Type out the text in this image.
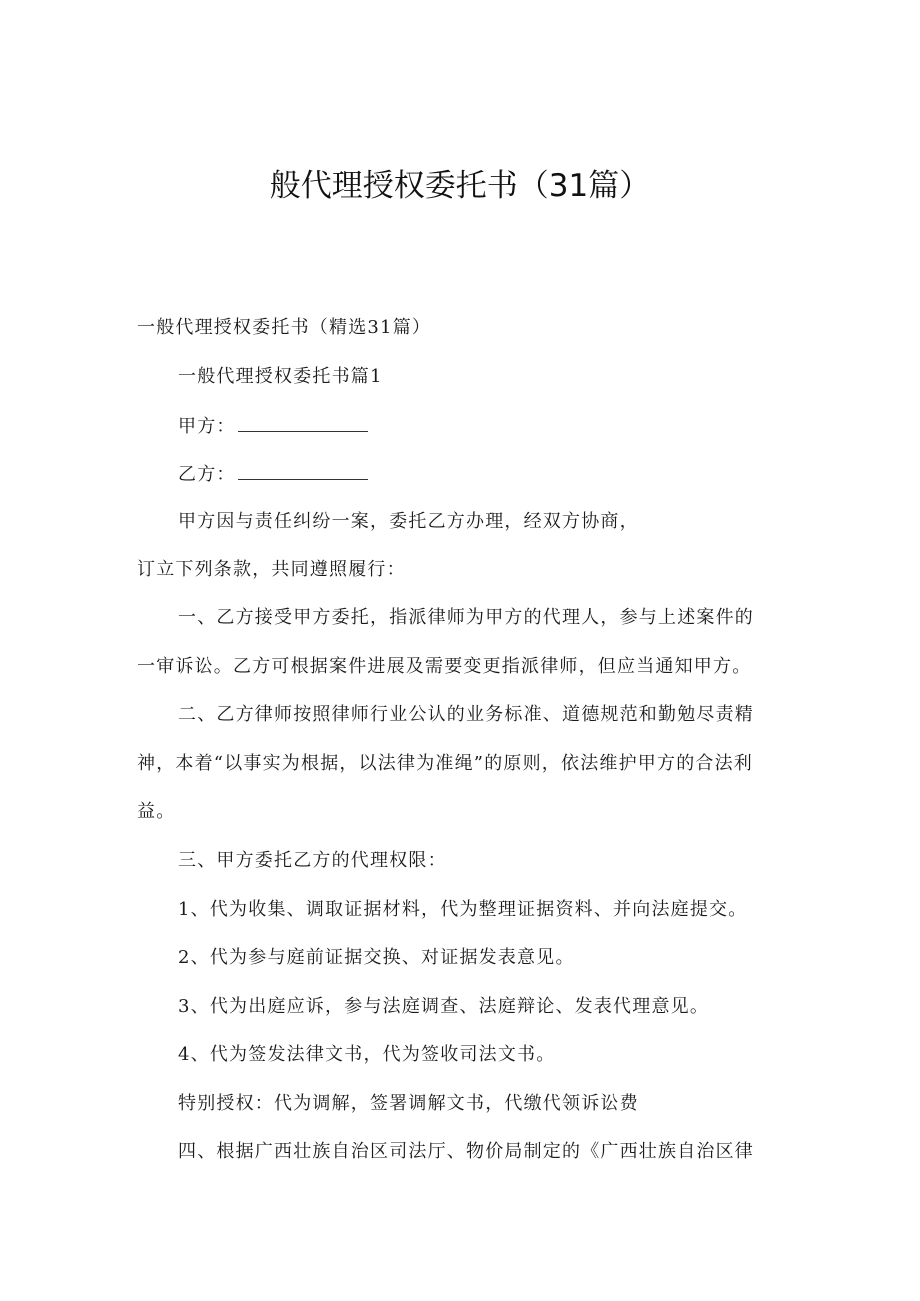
般代理授权委托书（31篇）
一般代理授权委托书（精选31篇）
一般代理授权委托书篇1
甲方：
乙方：
甲方因与责任纠纷一案，委托乙方办理，经双方协商，
订立下列条款，共同遵照履行：
一、乙方接受甲方委托，指派律师为甲方的代理人，参与上述案件的
一审诉讼。乙方可根据案件进展及需要变更指派律师，但应当通知甲方。
二、乙方律师按照律师行业公认的业务标准、道德规范和勤勉尽责精
神，本着“以事实为根据，以法律为准绳”的原则，依法维护甲方的合法利
益。
三、甲方委托乙方的代理权限：
1、代为收集、调取证据材料，代为整理证据资料、并向法庭提交。
2、代为参与庭前证据交换、对证据发表意见。
3、代为出庭应诉，参与法庭调查、法庭辩论、发表代理意见。
4、代为签发法律文书，代为签收司法文书。
特别授权：代为调解，签署调解文书，代缴代领诉讼费
四、根据广西壮族自治区司法厅、物价局制定的《广西壮族自治区律
